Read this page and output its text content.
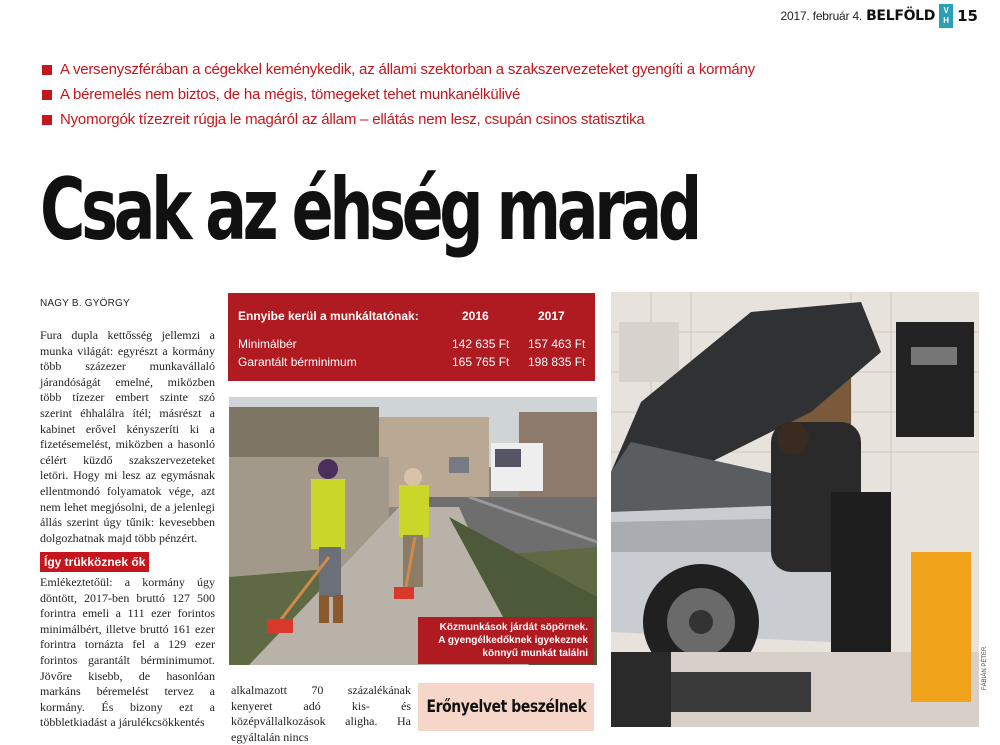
2017. február 4. BELFÖLD V
H 15
A versenyszférában a cégekkel keménykedik, az állami szektorban a szakszervezeteket gyengíti a kormány
A béremelés nem biztos, de ha mégis, tömegeket tehet munkanélkülivé
Nyomorgók tízezreit rúgja le magáról az állam – ellátás nem lesz, csupán csinos statisztika
Csak az éhség marad
NAGY B. GYÖRGY
Fura dupla kettősség jellemzi a munka világát: egyrészt a kormány több százezer munkavállaló járandóságát emelné, miközben több tízezer embert szinte szó szerint éhhalálra ítél; másrészt a kabinet erővel kényszeríti ki a fizetésemelést, miközben a hasonló célért küzdő szakszervezeteket letöri. Hogy mi lesz az egymásnak ellentmondó folyamatok vége, azt nem lehet megjósolni, de a jelenlegi állás szerint úgy tűnik: kevesebben dolgozhatnak majd több pénzért.
Így trükköznek ők
Emlékeztetőül: a kormány úgy döntött, 2017-ben bruttó 127 500 forintra emeli a 111 ezer forintos minimálbért, illetve bruttó 161 ezer forintra tornázta fel a 129 ezer forintos garantált bérminimumot. Jövőre kisebb, de hasonlóan markáns béremelést tervez a kormány. És bizony ezt a többletkiadást a járulékcsökkentés
alkalmazott 70 százalékának kenyeret adó kis- és középvállalkozások aligha. Ha egyáltalán nincs
Ennyibe kerül a munkáltatónak:	2016	2017
Minimálbér	142 635 Ft 157 463 Ft
Garantált bérminimum	165 765 Ft 198 835 Ft
Közmunkások járdát söpörnek.
A gyengélkedőknek igyekeznek könnyű munkát találni
Erőnyelvet beszélnek
FÁBIÁN PÉTER
